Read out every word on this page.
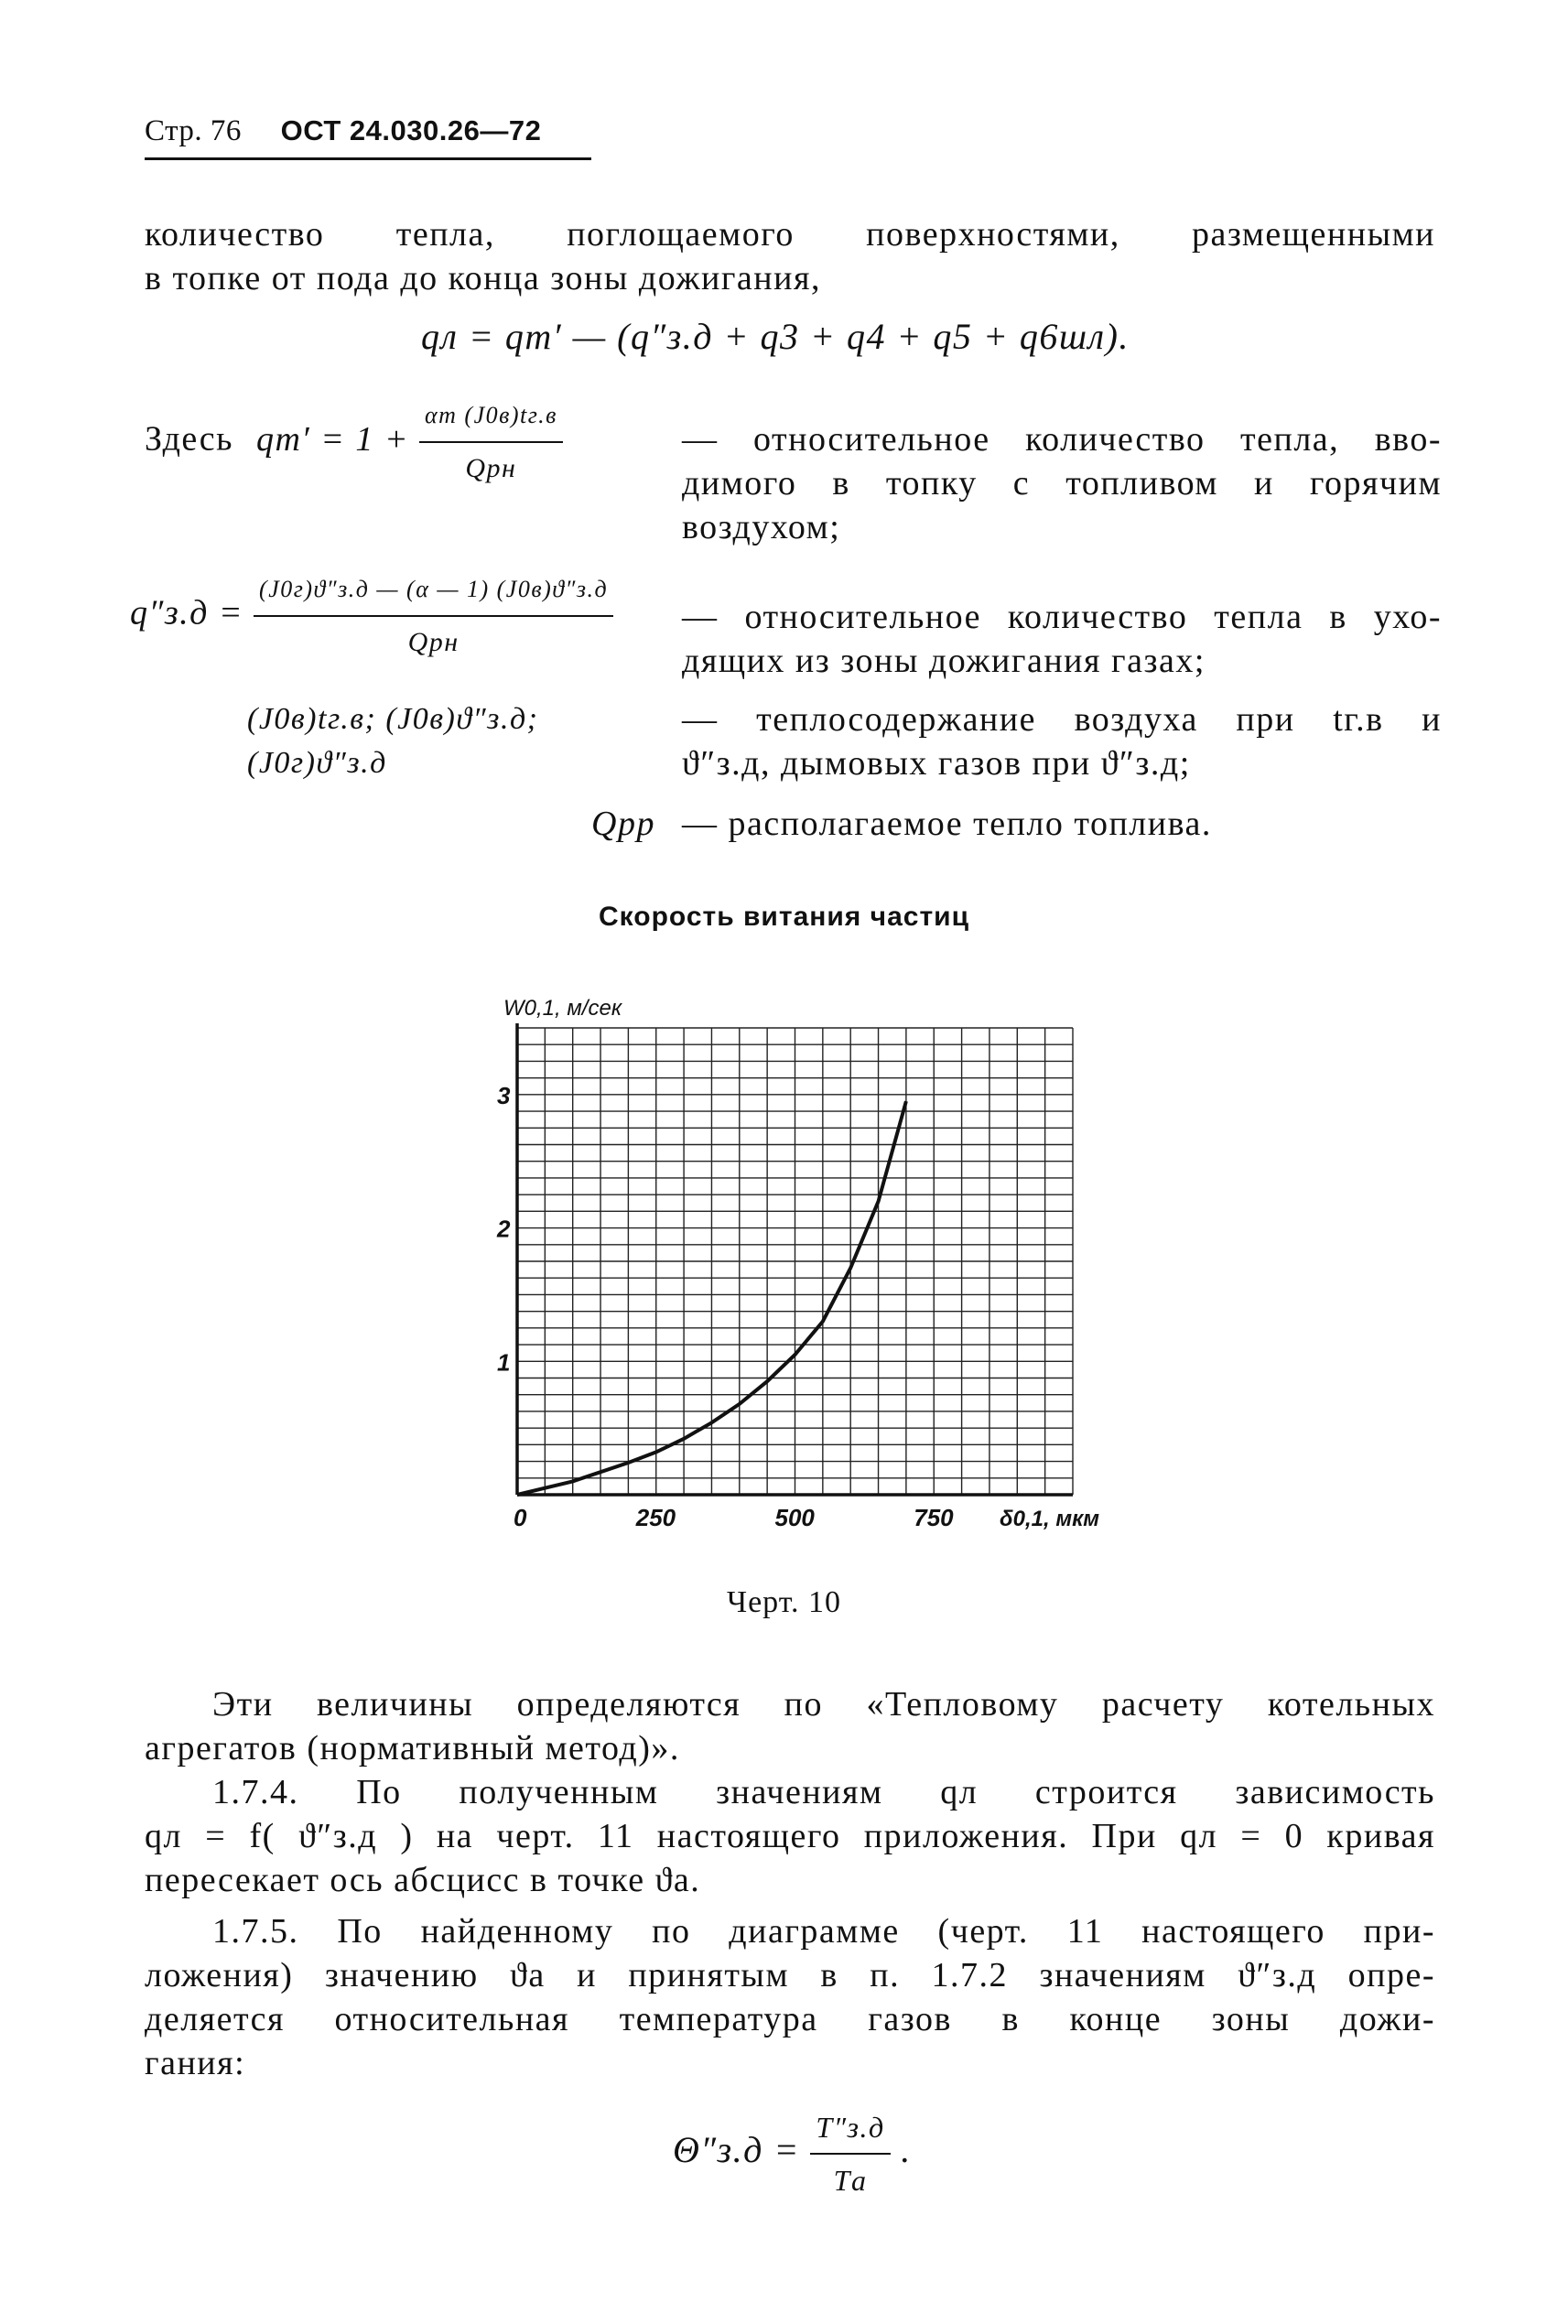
Стр. 76 ОСТ 24.030.26—72
количество тепла, поглощаемого поверхностями, размещенными
в топке от пода до конца зоны дожигания,
qл = qт′ — (q″з.д + q3 + q4 + q5 + q6шл).
Здесь $qт' = 1 + \frac{\alpha т (J0в)tг.в}{\text{Qрн}}$	— относительное количество тепла, вво-
димого в топку с топливом и горячим
воздухом;
$q''з.д = \frac{(J0г)ϑ''з.д — (\alpha — 1) (J0в)ϑ''з.д}{\text{Qрн}}$ — относительное количество тепла в ухо-
дящих из зоны дожигания газах;
(J0в)tг.в; (J0в)ϑ″з.д; (J0г)ϑ″з.д
— теплосодержание воздуха при tг.в и
ϑ″з.д, дымовых газов при ϑ″з.д;
Qрр — располагаемое тепло топлива.
Скорость витания частиц
W0,1, м/сек
δ0,1, мкм
0	250	500	750
1
2
3
Черт. 10
Эти величины определяются по «Тепловому расчету котельных
агрегатов (нормативный метод)».
1.7.4. По полученным значениям qл строится зависимость
qл = f( ϑ″з.д ) на черт. 11 настоящего приложения. При qл = 0 кривая
пересекает ось абсцисс в точке ϑа.
1.7.5. По найденному по диаграмме (черт. 11 настоящего при-
ложения) значению ϑа и принятым в п. 1.7.2 значениям ϑ″з.д опре-
деляется относительная температура газов в конце зоны дожи-
гания:
$\Theta''з.д = \frac{T''з.д}{Tа}$ .
